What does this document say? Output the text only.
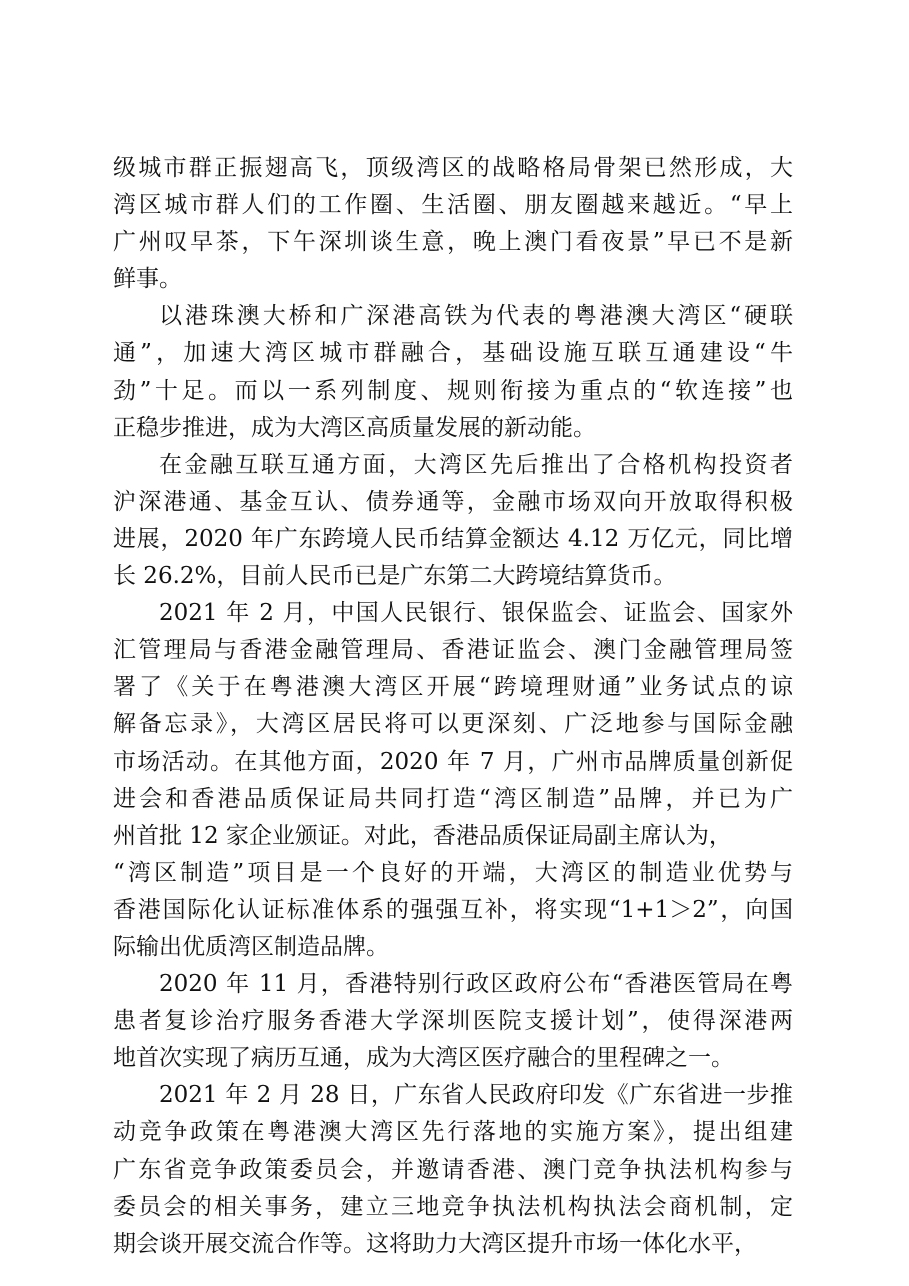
级城市群正振翅高飞，顶级湾区的战略格局骨架已然形成，大
湾区城市群人们的工作圈、生活圈、朋友圈越来越近。“早上
广州叹早茶，下午深圳谈生意，晚上澳门看夜景”早已不是新
鲜事。
以港珠澳大桥和广深港高铁为代表的粤港澳大湾区“硬联
通”，加速大湾区城市群融合，基础设施互联互通建设“牛
劲”十足。而以一系列制度、规则衔接为重点的“软连接”也
正稳步推进，成为大湾区高质量发展的新动能。
在金融互联互通方面，大湾区先后推出了合格机构投资者
沪深港通、基金互认、债券通等，金融市场双向开放取得积极
进展，2020 年广东跨境人民币结算金额达 4.12 万亿元，同比增
长 26.2%，目前人民币已是广东第二大跨境结算货币。
2021 年 2 月，中国人民银行、银保监会、证监会、国家外
汇管理局与香港金融管理局、香港证监会、澳门金融管理局签
署了《关于在粤港澳大湾区开展“跨境理财通”业务试点的谅
解备忘录》，大湾区居民将可以更深刻、广泛地参与国际金融
市场活动。在其他方面，2020 年 7 月，广州市品牌质量创新促
进会和香港品质保证局共同打造“湾区制造”品牌，并已为广
州首批 12 家企业颁证。对此，香港品质保证局副主席认为，
“湾区制造”项目是一个良好的开端，大湾区的制造业优势与
香港国际化认证标准体系的强强互补，将实现“1+1＞2”，向国
际输出优质湾区制造品牌。
2020 年 11 月，香港特别行政区政府公布“香港医管局在粤
患者复诊治疗服务香港大学深圳医院支援计划”，使得深港两
地首次实现了病历互通，成为大湾区医疗融合的里程碑之一。
2021 年 2 月 28 日，广东省人民政府印发《广东省进一步推
动竞争政策在粤港澳大湾区先行落地的实施方案》，提出组建
广东省竞争政策委员会，并邀请香港、澳门竞争执法机构参与
委员会的相关事务，建立三地竞争执法机构执法会商机制，定
期会谈开展交流合作等。这将助力大湾区提升市场一体化水平，
